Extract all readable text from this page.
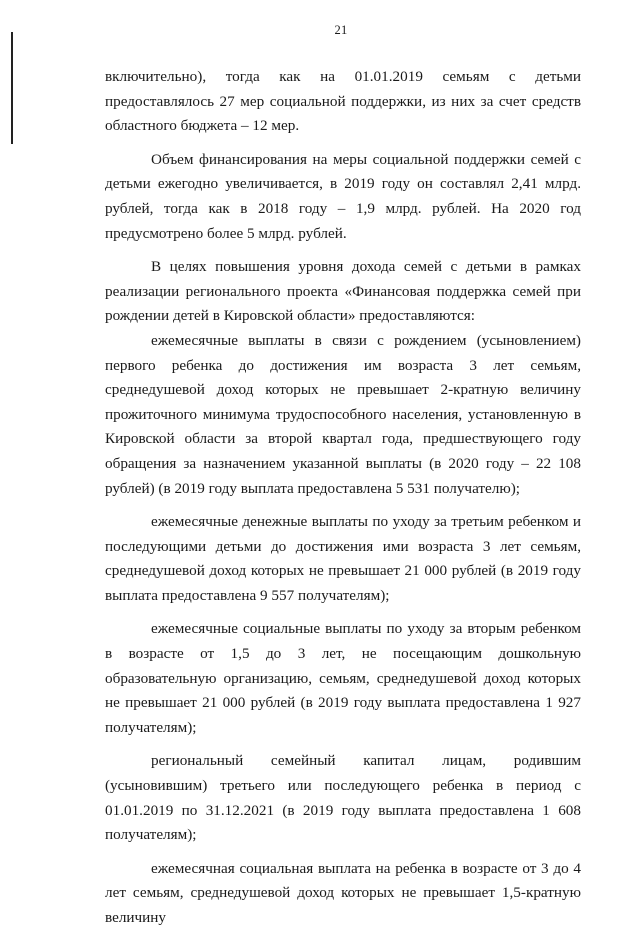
21

включительно), тогда как на 01.01.2019 семьям с детьми предоставлялось 27 мер социальной поддержки, из них за счет средств областного бюджета – 12 мер.

Объем финансирования на меры социальной поддержки семей с детьми ежегодно увеличивается, в 2019 году он составлял 2,41 млрд. рублей, тогда как в 2018 году – 1,9 млрд. рублей. На 2020 год предусмотрено более 5 млрд. рублей.

В целях повышения уровня дохода семей с детьми в рамках реализации регионального проекта «Финансовая поддержка семей при рождении детей в Кировской области» предоставляются:

ежемесячные выплаты в связи с рождением (усыновлением) первого ребенка до достижения им возраста 3 лет семьям, среднедушевой доход которых не превышает 2-кратную величину прожиточного минимума трудоспособного населения, установленную в Кировской области за второй квартал года, предшествующего году обращения за назначением указанной выплаты (в 2020 году – 22 108 рублей) (в 2019 году выплата предоставлена 5 531 получателю);

ежемесячные денежные выплаты по уходу за третьим ребенком и последующими детьми до достижения ими возраста 3 лет семьям, среднедушевой доход которых не превышает 21 000 рублей (в 2019 году выплата предоставлена 9 557 получателям);

ежемесячные социальные выплаты по уходу за вторым ребенком в возрасте от 1,5 до 3 лет, не посещающим дошкольную образовательную организацию, семьям, среднедушевой доход которых не превышает 21 000 рублей (в 2019 году выплата предоставлена 1 927 получателям);

региональный семейный капитал лицам, родившим (усыновившим) третьего или последующего ребенка в период с 01.01.2019 по 31.12.2021 (в 2019 году выплата предоставлена 1 608 получателям);

ежемесячная социальная выплата на ребенка в возрасте от 3 до 4 лет семьям, среднедушевой доход которых не превышает 1,5-кратную величину
